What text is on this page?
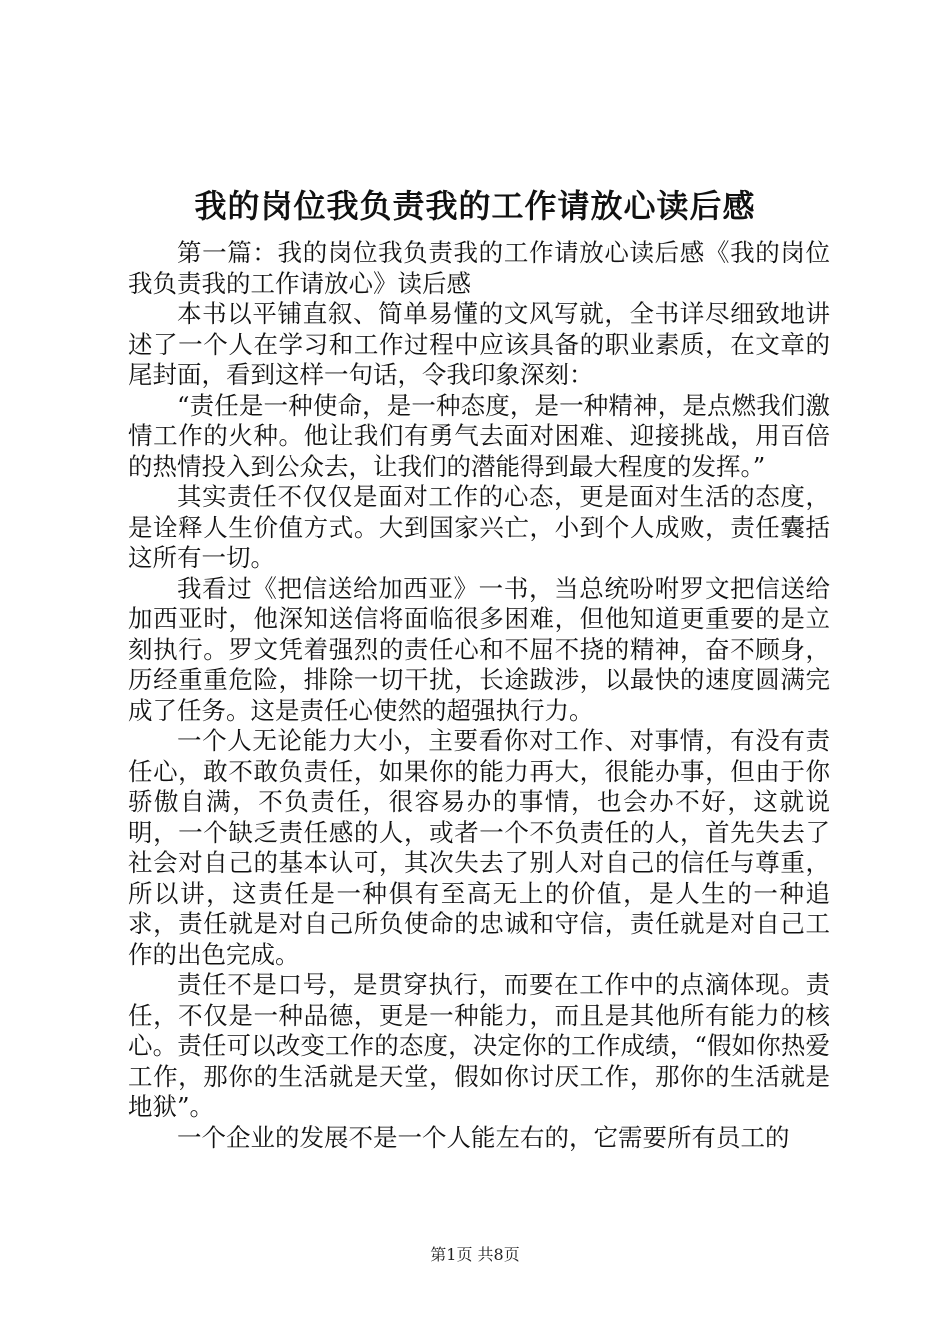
我的岗位我负责我的工作请放心读后感

第一篇：我的岗位我负责我的工作请放心读后感《我的岗位我负责我的工作请放心》读后感

本书以平铺直叙、简单易懂的文风写就，全书详尽细致地讲述了一个人在学习和工作过程中应该具备的职业素质，在文章的尾封面，看到这样一句话，令我印象深刻：

“责任是一种使命，是一种态度，是一种精神，是点燃我们激情工作的火种。他让我们有勇气去面对困难、迎接挑战，用百倍的热情投入到公众去，让我们的潜能得到最大程度的发挥。”

其实责任不仅仅是面对工作的心态，更是面对生活的态度，是诠释人生价值方式。大到国家兴亡，小到个人成败，责任囊括这所有一切。

我看过《把信送给加西亚》一书，当总统吩咐罗文把信送给加西亚时，他深知送信将面临很多困难，但他知道更重要的是立刻执行。罗文凭着强烈的责任心和不屈不挠的精神，奋不顾身，历经重重危险，排除一切干扰，长途跋涉，以最快的速度圆满完成了任务。这是责任心使然的超强执行力。

一个人无论能力大小，主要看你对工作、对事情，有没有责任心，敢不敢负责任，如果你的能力再大，很能办事，但由于你骄傲自满，不负责任，很容易办的事情，也会办不好，这就说明，一个缺乏责任感的人，或者一个不负责任的人，首先失去了社会对自己的基本认可，其次失去了别人对自己的信任与尊重，所以讲，这责任是一种俱有至高无上的价值，是人生的一种追求，责任就是对自己所负使命的忠诚和守信，责任就是对自己工作的出色完成。

责任不是口号，是贯穿执行，而要在工作中的点滴体现。责任，不仅是一种品德，更是一种能力，而且是其他所有能力的核心。责任可以改变工作的态度，决定你的工作成绩，“假如你热爱工作，那你的生活就是天堂，假如你讨厌工作，那你的生活就是地狱”。

一个企业的发展不是一个人能左右的，它需要所有员工的

第1页 共8页
